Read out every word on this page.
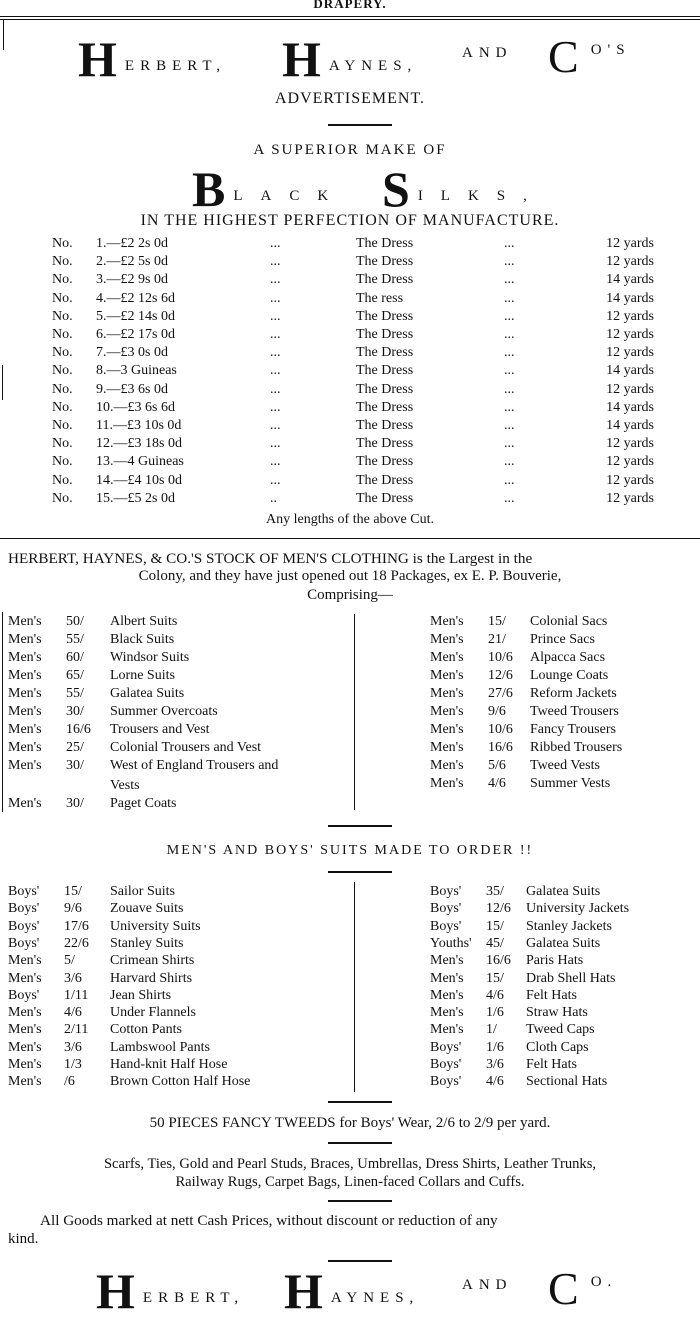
DRAPERY.
HERBERT, HAYNES,
AND C O'S
ADVERTISEMENT.
A SUPERIOR MAKE OF
BLACK SILKS,
IN THE HIGHEST PERFECTION OF MANUFACTURE.
No. 1.—£2 2s 0d	...	The Dress	...	12 yards
No. 2.—£2 5s 0d	...	The Dress	...	12 yards
No. 3.—£2 9s 0d	...	The Dress	...	14 yards
No. 4.—£2 12s 6d	...	The ress	...	14 yards
No. 5.—£2 14s 0d	...	The Dress	...	12 yards
No. 6.—£2 17s 0d	...	The Dress	...	12 yards
No. 7.—£3 0s 0d	...	The Dress	...	12 yards
No. 8.—3 Guineas	...	The Dress	...	14 yards
No. 9.—£3 6s 0d	...	The Dress	...	12 yards
No. 10.—£3 6s 6d	...	The Dress	...	14 yards
No. 11.—£3 10s 0d	...	The Dress	...	14 yards
No. 12.—£3 18s 0d	...	The Dress	...	12 yards
No. 13.—4 Guineas	...	The Dress	...	12 yards
No. 14.—£4 10s 0d	...	The Dress	...	12 yards
No. 15.—£5 2s 0d	..	The Dress	...	12 yards
Any lengths of the above Cut.
HERBERT, HAYNES, & CO.'S STOCK OF MEN'S CLOTHING is the Largest in the
Colony, and they have just opened out 18 Packages, ex E. P. Bouverie,
Comprising—
Men's 50/ Albert Suits
Men's 55/ Black Suits
Men's 60/ Windsor Suits
Men's 65/ Lorne Suits
Men's 55/ Galatea Suits
Men's 30/ Summer Overcoats
Men's 16/6 Trousers and Vest
Men's 25/ Colonial Trousers and Vest
Men's 30/ West of England Trousers and
Vests
Men's 30/ Paget Coats
Men's 15/ Colonial Sacs
Men's 21/ Prince Sacs
Men's 10/6 Alpacca Sacs
Men's 12/6 Lounge Coats
Men's 27/6 Reform Jackets
Men's 9/6 Tweed Trousers
Men's 10/6 Fancy Trousers
Men's 16/6 Ribbed Trousers
Men's 5/6 Tweed Vests
Men's 4/6 Summer Vests
MEN'S AND BOYS' SUITS MADE TO ORDER !!
Boys' 15/ Sailor Suits
Boys' 9/6 Zouave Suits
Boys' 17/6 University Suits
Boys' 22/6 Stanley Suits
Men's 5/	Crimean Shirts
Men's 3/6 Harvard Shirts
Boys' 1/11 Jean Shirts
Men's 4/6 Under Flannels
Men's 2/11 Cotton Pants
Men's 3/6 Lambswool Pants
Men's 1/3 Hand-knit Half Hose
Men's /6	Brown Cotton Half Hose
Boys' 35/ Galatea Suits
Boys' 12/6 University Jackets
Boys' 15/ Stanley Jackets
Youths' 45/ Galatea Suits
Men's 16/6 Paris Hats
Men's 15/ Drab Shell Hats
Men's 4/6 Felt Hats
Men's 1/6 Straw Hats
Men's 1/ Tweed Caps
Boys' 1/6 Cloth Caps
Boys' 3/6 Felt Hats
Boys' 4/6 Sectional Hats
50 PIECES FANCY TWEEDS for Boys' Wear, 2/6 to 2/9 per yard.
Scarfs, Ties, Gold and Pearl Studs, Braces, Umbrellas, Dress Shirts, Leather Trunks,
Railway Rugs, Carpet Bags, Linen-faced Collars and Cuffs.
All Goods marked at nett Cash Prices, without discount or reduction of any
kind.
HERBERT, HAYNES,
AND C O.
